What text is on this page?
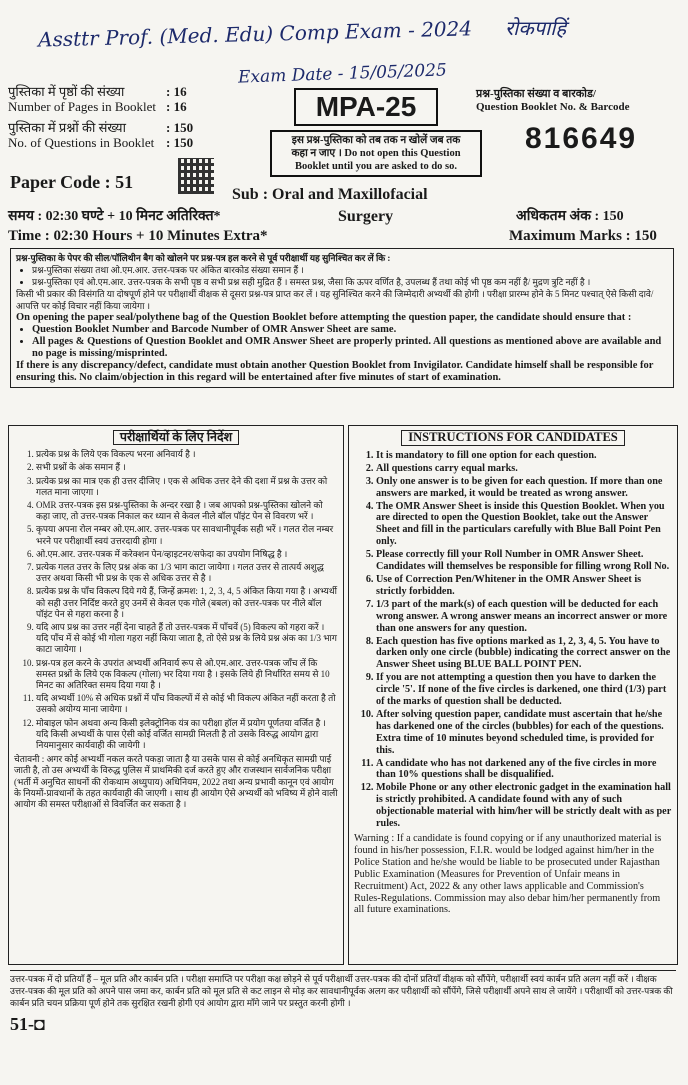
Assttr Prof. (Med. Edu) Comp Exam - 2024 रोकपाहिं
Exam Date - 15/05/2025
पुस्तिका में पृष्ठों की संख्या	: 16
Number of Pages in Booklet : 16
पुस्तिका में प्रश्नों की संख्या	: 150
No. of Questions in Booklet : 150
MPA-25
इस प्रश्न-पुस्तिका को तब तक न खोलें जब तक
कहा न जाए । Do not open this Question
Booklet until you are asked to do so.
प्रश्न-पुस्तिका संख्या व बारकोड/
Question Booklet No. & Barcode
816649
Paper Code : 51
Sub : Oral and Maxillofacial
Surgery
समय : 02:30 घण्टे + 10 मिनट अतिरिक्त*
Time : 02:30 Hours + 10 Minutes Extra*
अधिकतम अंक : 150
Maximum Marks : 150
प्रश्न-पुस्तिका के पेपर की सील/पॉलिथीन बैग को खोलने पर प्रश्न-पत्र हल करने से पूर्व परीक्षार्थी यह सुनिश्चित कर लें कि :
• प्रश्न-पुस्तिका संख्या तथा ओ.एम.आर. उत्तर-पत्रक पर अंकित बारकोड संख्या समान हैं ।
• प्रश्न-पुस्तिका एवं ओ.एम.आर. उत्तर-पत्रक के सभी पृष्ठ व सभी प्रश्न सही मुद्रित हैं । समस्त प्रश्न, जैसा कि ऊपर वर्णित है, उपलब्ध हैं तथा कोई भी पृष्ठ कम नहीं है/ मुद्रण त्रुटि नहीं है ।
किसी भी प्रकार की विसंगति या दोषपूर्ण होने पर परीक्षार्थी वीक्षक से दूसरा प्रश्न-पत्र प्राप्त कर लें । यह सुनिश्चित करने की जिम्मेदारी अभ्यर्थी की होगी । परीक्षा प्रारम्भ होने के 5 मिनट पश्चात् ऐसे किसी दावे/आपत्ति पर कोई विचार नहीं किया जायेगा ।
On opening the paper seal/polythene bag of the Question Booklet before attempting the question paper, the candidate should ensure that :
• Question Booklet Number and Barcode Number of OMR Answer Sheet are same.
• All pages & Questions of Question Booklet and OMR Answer Sheet are properly printed. All questions as mentioned above are available and no page is missing/misprinted.
If there is any discrepancy/defect, candidate must obtain another Question Booklet from Invigilator. Candidate himself shall be responsible for ensuring this. No claim/objection in this regard will be entertained after five minutes of start of examination.
परीक्षार्थियों के लिए निर्देश
1. प्रत्येक प्रश्न के लिये एक विकल्प भरना अनिवार्य है ।
2. सभी प्रश्नों के अंक समान हैं ।
3. प्रत्येक प्रश्न का मात्र एक ही उत्तर दीजिए । एक से अधिक उत्तर देने की दशा में प्रश्न के उत्तर को गलत माना जाएगा ।
4. OMR उत्तर-पत्रक इस प्रश्न-पुस्तिका के अन्दर रखा है । जब आपको प्रश्न-पुस्तिका खोलने को कहा जाए, तो उत्तर-पत्रक निकाल कर ध्यान से केवल नीले बॉल पॉइंट पेन से विवरण भरें ।
5. कृपया अपना रोल नम्बर ओ.एम.आर. उत्तर-पत्रक पर सावधानीपूर्वक सही भरें । गलत रोल नम्बर भरने पर परीक्षार्थी स्वयं उत्तरदायी होगा ।
6. ओ.एम.आर. उत्तर-पत्रक में करेक्शन पेन/व्हाइटनर/सफेदा का उपयोग निषिद्ध है ।
7. प्रत्येक गलत उत्तर के लिए प्रश्न अंक का 1/3 भाग काटा जायेगा । गलत उत्तर से तात्पर्य अशुद्ध उत्तर अथवा किसी भी प्रश्न के एक से अधिक उत्तर से है ।
8. प्रत्येक प्रश्न के पाँच विकल्प दिये गये हैं, जिन्हें क्रमश: 1, 2, 3, 4, 5 अंकित किया गया है । अभ्यर्थी को सही उत्तर निर्दिष्ट करते हुए उनमें से केवल एक गोले (बबल) को उत्तर-पत्रक पर नीले बॉल पॉइंट पेन से गहरा करना है ।
9. यदि आप प्रश्न का उत्तर नहीं देना चाहते हैं तो उत्तर-पत्रक में पाँचवें (5) विकल्प को गहरा करें । यदि पाँच में से कोई भी गोला गहरा नहीं किया जाता है, तो ऐसे प्रश्न के लिये प्रश्न अंक का 1/3 भाग काटा जायेगा ।
10. प्रश्न-पत्र हल करने के उपरांत अभ्यर्थी अनिवार्य रूप से ओ.एम.आर. उत्तर-पत्रक जाँच लें कि समस्त प्रश्नों के लिये एक विकल्प (गोला) भर दिया गया है । इसके लिये ही निर्धारित समय से 10 मिनट का अतिरिक्त समय दिया गया है ।
11. यदि अभ्यर्थी 10% से अधिक प्रश्नों में पाँच विकल्पों में से कोई भी विकल्प अंकित नहीं करता है तो उसको अयोग्य माना जायेगा ।
12. मोबाइल फोन अथवा अन्य किसी इलेक्ट्रोनिक यंत्र का परीक्षा हॉल में प्रयोग पूर्णतया वर्जित है । यदि किसी अभ्यर्थी के पास ऐसी कोई वर्जित सामग्री मिलती है तो उसके विरुद्ध आयोग द्वारा नियमानुसार कार्यवाही की जायेगी ।
चेतावनी : अगर कोई अभ्यर्थी नकल करते पकड़ा जाता है या उसके पास से कोई अनधिकृत सामग्री पाई जाती है, तो उस अभ्यर्थी के विरुद्ध पुलिस में प्राथमिकी दर्ज करते हुए और राजस्थान सार्वजनिक परीक्षा (भर्ती में अनुचित साधनों की रोकथाम अध्युपाय) अधिनियम, 2022 तथा अन्य प्रभावी कानून एवं आयोग के नियमों-प्रावधानों के तहत कार्यवाही की जाएगी । साथ ही आयोग ऐसे अभ्यर्थी को भविष्य में होने वाली आयोग की समस्त परीक्षाओं से विवर्जित कर सकता है ।
INSTRUCTIONS FOR CANDIDATES
1. It is mandatory to fill one option for each question.
2. All questions carry equal marks.
3. Only one answer is to be given for each question. If more than one answers are marked, it would be treated as wrong answer.
4. The OMR Answer Sheet is inside this Question Booklet. When you are directed to open the Question Booklet, take out the Answer Sheet and fill in the particulars carefully with Blue Ball Point Pen only.
5. Please correctly fill your Roll Number in OMR Answer Sheet. Candidates will themselves be responsible for filling wrong Roll No.
6. Use of Correction Pen/Whitener in the OMR Answer Sheet is strictly forbidden.
7. 1/3 part of the mark(s) of each question will be deducted for each wrong answer. A wrong answer means an incorrect answer or more than one answers for any question.
8. Each question has five options marked as 1, 2, 3, 4, 5. You have to darken only one circle (bubble) indicating the correct answer on the Answer Sheet using BLUE BALL POINT PEN.
9. If you are not attempting a question then you have to darken the circle '5'. If none of the five circles is darkened, one third (1/3) part of the marks of question shall be deducted.
10. After solving question paper, candidate must ascertain that he/she has darkened one of the circles (bubbles) for each of the questions. Extra time of 10 minutes beyond scheduled time, is provided for this.
11. A candidate who has not darkened any of the five circles in more than 10% questions shall be disqualified.
12. Mobile Phone or any other electronic gadget in the examination hall is strictly prohibited. A candidate found with any of such objectionable material with him/her will be strictly dealt with as per rules.
Warning : If a candidate is found copying or if any unauthorized material is found in his/her possession, F.I.R. would be lodged against him/her in the Police Station and he/she would be liable to be prosecuted under Rajasthan Public Examination (Measures for Prevention of Unfair means in Recruitment) Act, 2022 & any other laws applicable and Commission's Rules-Regulations. Commission may also debar him/her permanently from all future examinations.
उत्तर-पत्रक में दो प्रतियाँ हैं – मूल प्रति और कार्बन प्रति । परीक्षा समाप्ति पर परीक्षा कक्ष छोड़ने से पूर्व परीक्षार्थी उत्तर-पत्रक की दोनों प्रतियाँ वीक्षक को सौंपेंगे, परीक्षार्थी स्वयं कार्बन प्रति अलग नहीं करें । वीक्षक उत्तर-पत्रक की मूल प्रति को अपने पास जमा कर, कार्बन प्रति को मूल प्रति से कट लाइन से मोड़ कर सावधानीपूर्वक अलग कर परीक्षार्थी को सौंपेंगे, जिसे परीक्षार्थी अपने साथ ले जायेंगे । परीक्षार्थी को उत्तर-पत्रक की कार्बन प्रति चयन प्रक्रिया पूर्ण होने तक सुरक्षित रखनी होगी एवं आयोग द्वारा माँगे जाने पर प्रस्तुत करनी होगी ।
51-◘
